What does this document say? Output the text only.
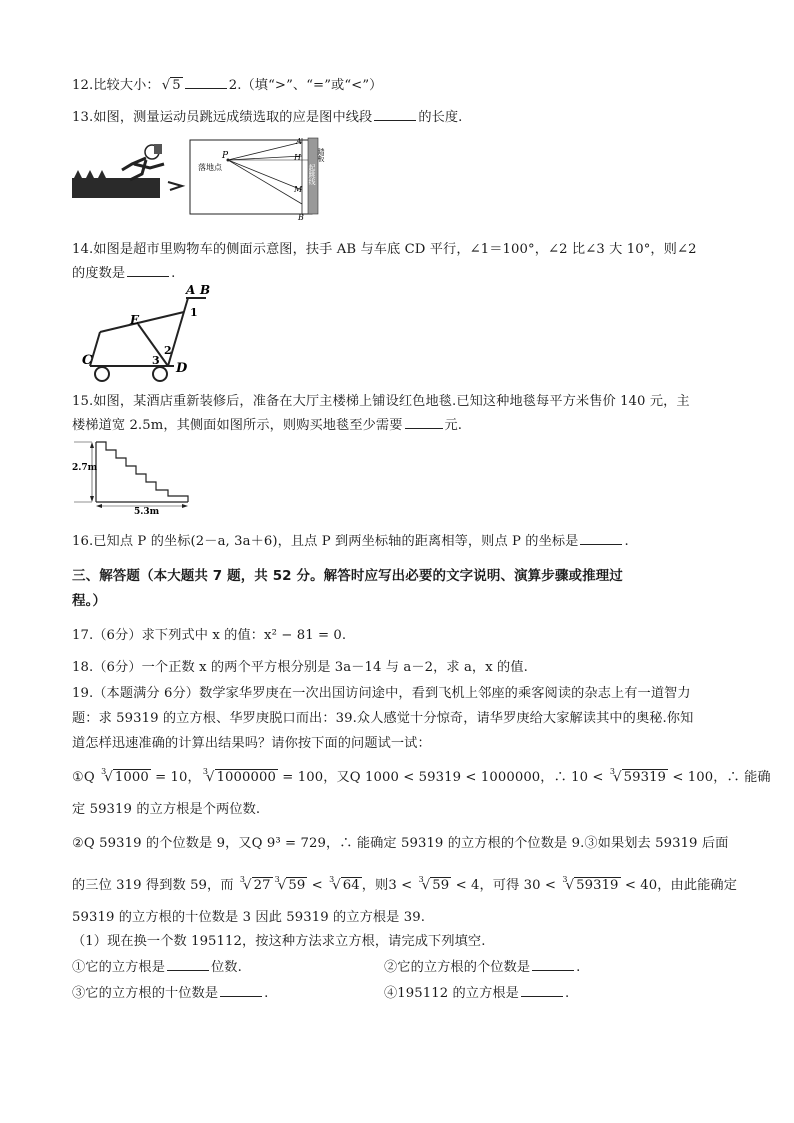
12.比较大小： √ 5	2.（填“>”、“=”或“<”）
13.如图，测量运动员跳远成绩选取的应是图中线段	的长度.
P
落地点
A
H
M
B
踏板
起跳线
14.如图是超市里购物车的侧面示意图，扶手 AB 与车底 CD 平行，∠1＝100°，∠2 比∠3 大 10°，则∠2
的度数是	.
A B
1
E
2
3
C
D
15.如图，某酒店重新装修后，准备在大厅主楼梯上铺设红色地毯.已知这种地毯每平方米售价 140 元，主
楼梯道宽 2.5m，其侧面如图所示，则购买地毯至少需要	元.
2.7m
5.3m
16.已知点 P 的坐标(2－a, 3a＋6)，且点 P 到两坐标轴的距离相等，则点 P 的坐标是	.
三、解答题（本大题共 7 题，共 52 分。解答时应写出必要的文字说明、演算步骤或推理过
程。）
17.（6分）求下列式中 x 的值：x² − 81 = 0.
18.（6分）一个正数 x 的两个平方根分别是 3a－14 与 a－2，求 a，x 的值.
19.（本题满分 6分）数学家华罗庚在一次出国访问途中，看到飞机上邻座的乘客阅读的杂志上有一道智力
题：求 59319 的立方根、华罗庚脱口而出：39.众人感觉十分惊奇，请华罗庚给大家解读其中的奥秘.你知
道怎样迅速准确的计算出结果吗？请你按下面的问题试一试：
①Q $^3$√ 1000 = 10， $^3$√ 1000000 = 100，又Q 1000 < 59319 < 1000000，∴ 10 < $^3$√ 59319 < 100，∴ 能确
定 59319 的立方根是个两位数.
②Q 59319 的个位数是 9，又Q 9³ = 729，∴ 能确定 59319 的立方根的个位数是 9.③如果划去 59319 后面
的三位 319 得到数 59，而 $^3$√ 27 $^3$√ 59 < $^3$√ 64 ，则3 < $^3$√ 59 < 4，可得 30 < $^3$√ 59319 < 40，由此能确定
59319 的立方根的十位数是 3 因此 59319 的立方根是 39.
（1）现在换一个数 195112，按这种方法求立方根，请完成下列填空.
①它的立方根是	位数.	②它的立方根的个位数是	.
③它的立方根的十位数是	.	④195112 的立方根是	.
